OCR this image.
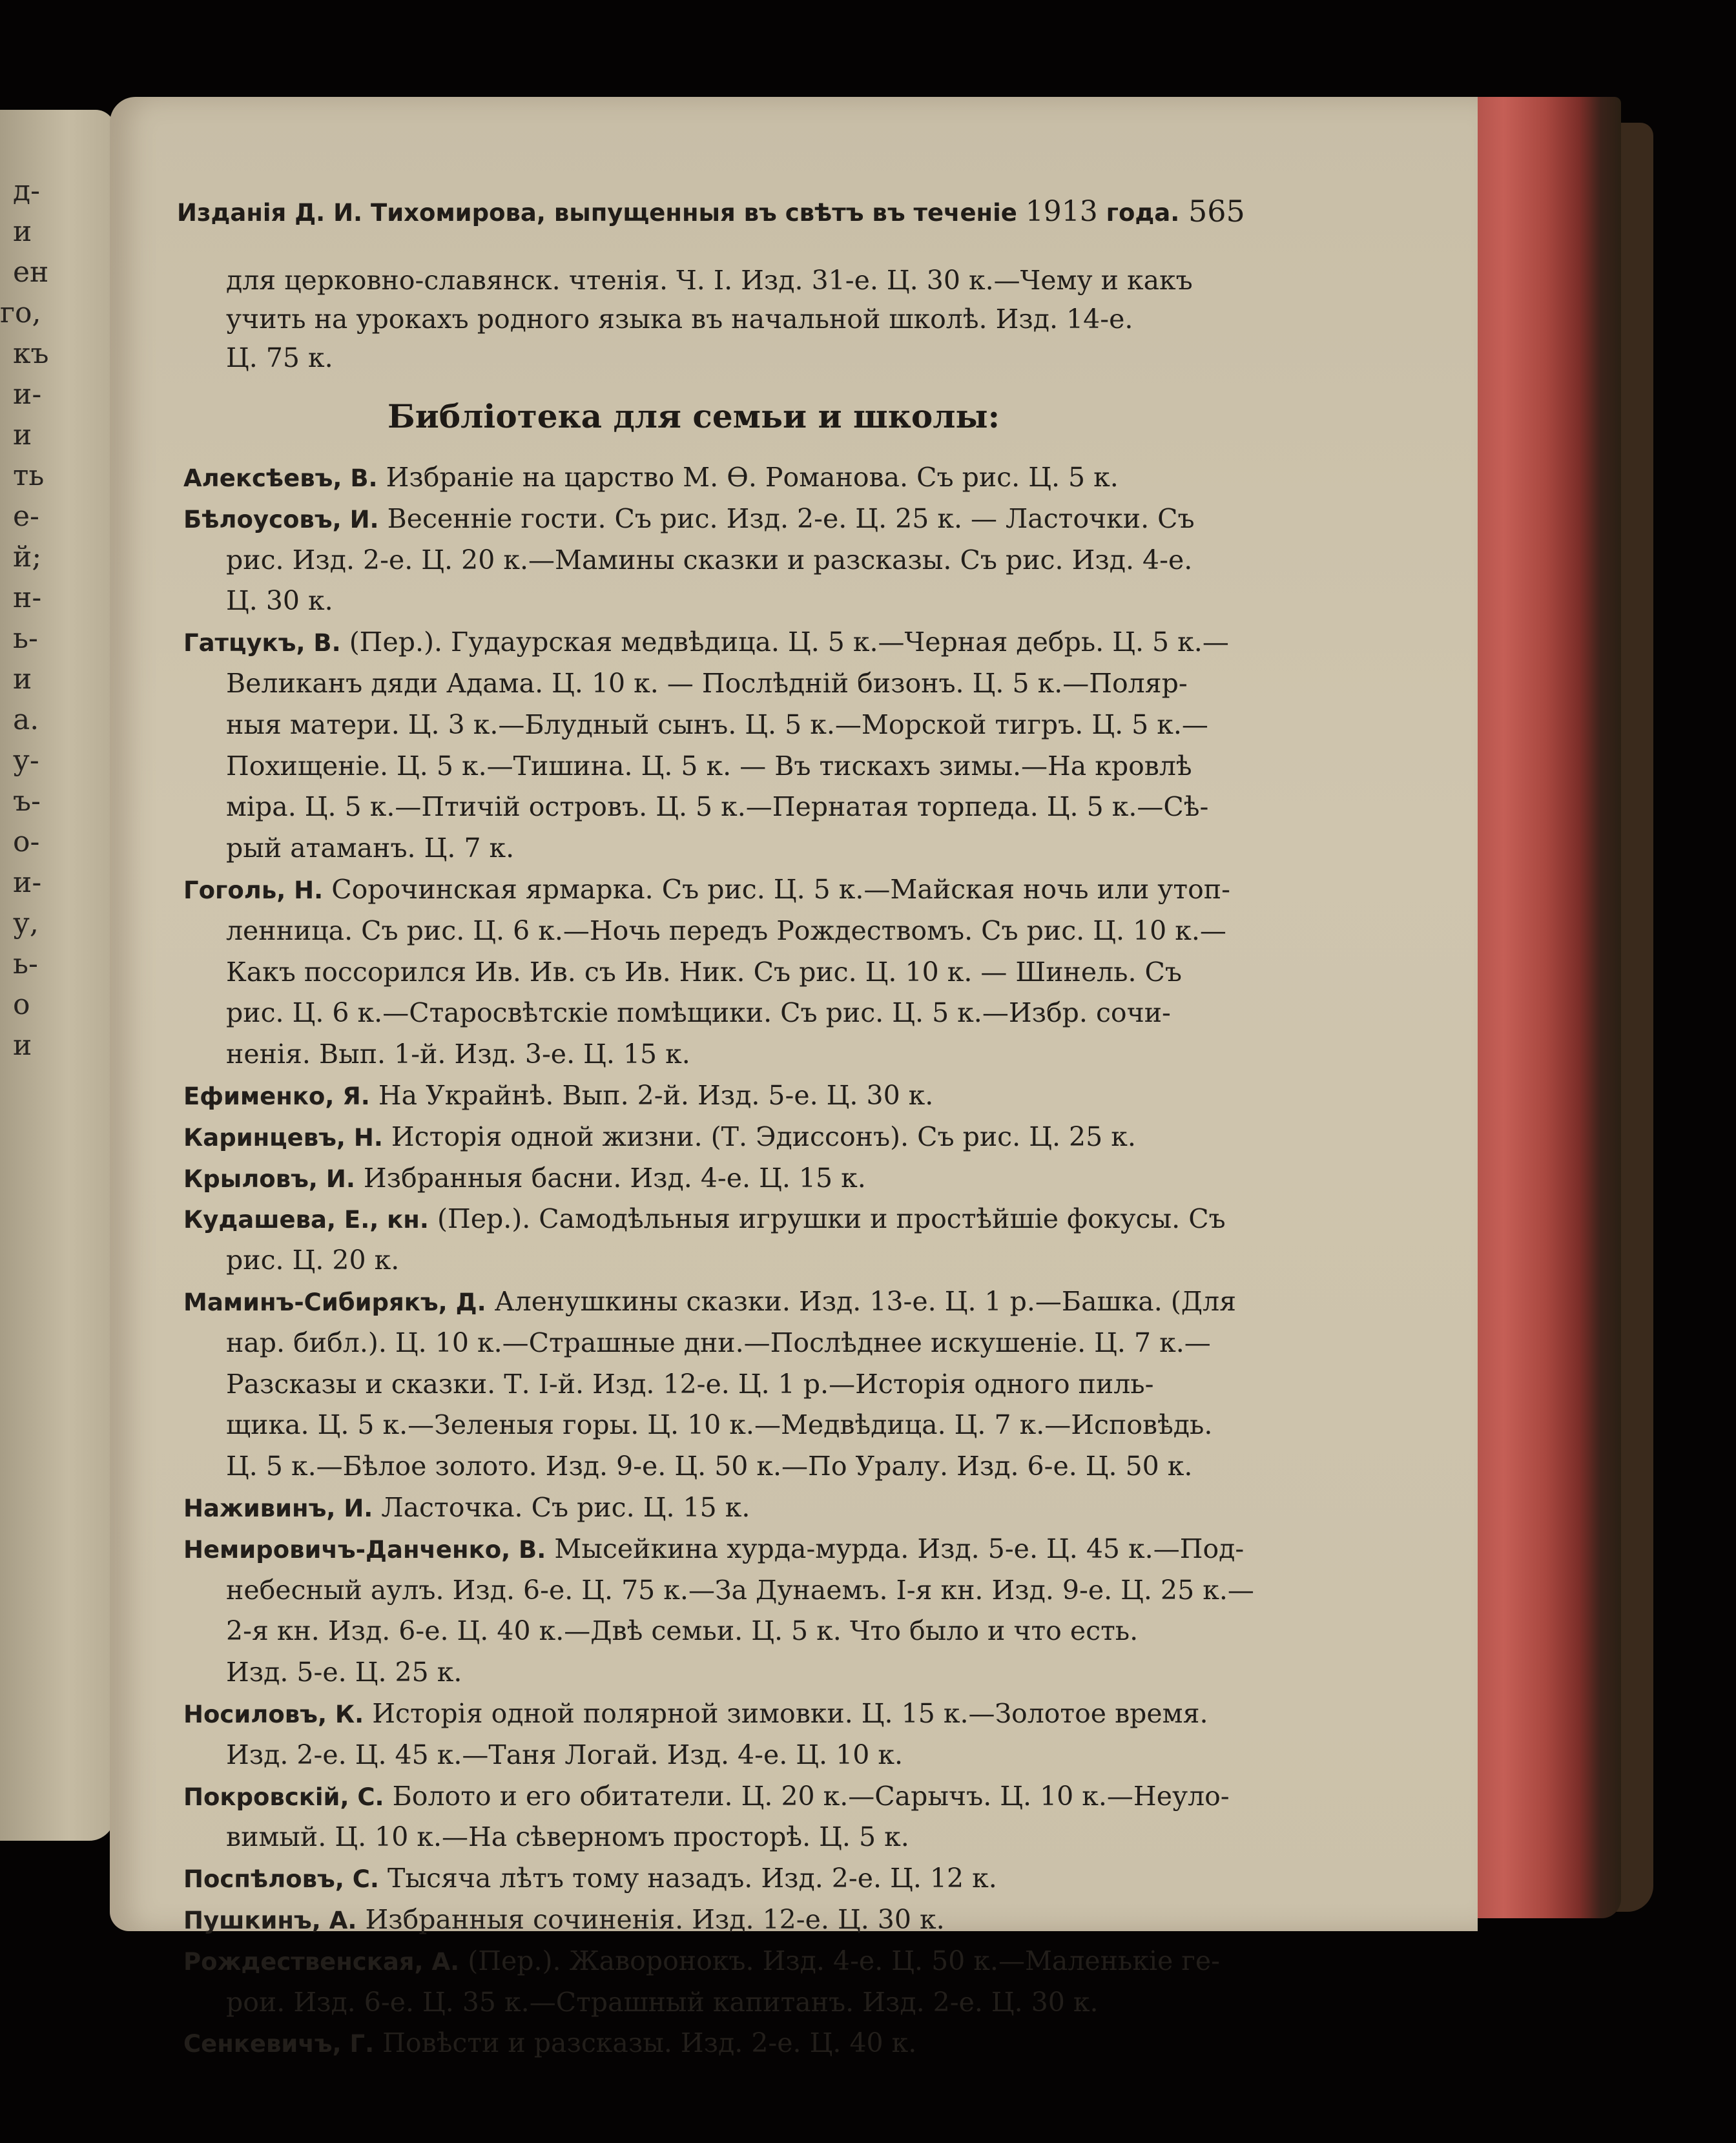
д-
и
ен
го,
къ
и-
и
ть
е-
й;
н-
ь-
и
а.
у-
ъ-
о-
и-
у,
ь-
о
и
Изданія Д. И. Тихомирова, выпущенныя въ свѣтъ въ теченіе 1913 года. 565
для церковно-славянск. чтенія. Ч. I. Изд. 31-е. Ц. 30 к.—Чему и какъ
учить на урокахъ родного языка въ начальной школѣ. Изд. 14-е.
Ц. 75 к.
Библіотека для семьи и школы:
Алексѣевъ, В. Избраніе на царство М. Ѳ. Романова. Съ рис. Ц. 5 к.
Бѣлоусовъ, И. Весенніе гости. Съ рис. Изд. 2-е. Ц. 25 к. — Ласточки. Съ
рис. Изд. 2-е. Ц. 20 к.—Мамины сказки и разсказы. Съ рис. Изд. 4-е.
Ц. 30 к.
Гатцукъ, В. (Пер.). Гудаурская медвѣдица. Ц. 5 к.—Черная дебрь. Ц. 5 к.—
Великанъ дяди Адама. Ц. 10 к. — Послѣдній бизонъ. Ц. 5 к.—Поляр-
ныя матери. Ц. 3 к.—Блудный сынъ. Ц. 5 к.—Морской тигръ. Ц. 5 к.—
Похищеніе. Ц. 5 к.—Тишина. Ц. 5 к. — Въ тискахъ зимы.—На кровлѣ
міра. Ц. 5 к.—Птичій островъ. Ц. 5 к.—Пернатая торпеда. Ц. 5 к.—Сѣ-
рый атаманъ. Ц. 7 к.
Гоголь, Н. Сорочинская ярмарка. Съ рис. Ц. 5 к.—Майская ночь или утоп-
ленница. Съ рис. Ц. 6 к.—Ночь передъ Рождествомъ. Съ рис. Ц. 10 к.—
Какъ поссорился Ив. Ив. съ Ив. Ник. Съ рис. Ц. 10 к. — Шинель. Съ
рис. Ц. 6 к.—Старосвѣтскіе помѣщики. Съ рис. Ц. 5 к.—Избр. сочи-
ненія. Вып. 1-й. Изд. 3-е. Ц. 15 к.
Ефименко, Я. На Украйнѣ. Вып. 2-й. Изд. 5-е. Ц. 30 к.
Каринцевъ, Н. Исторія одной жизни. (Т. Эдиссонъ). Съ рис. Ц. 25 к.
Крыловъ, И. Избранныя басни. Изд. 4-е. Ц. 15 к.
Кудашева, Е., кн. (Пер.). Самодѣльныя игрушки и простѣйшіе фокусы. Съ
рис. Ц. 20 к.
Маминъ-Сибирякъ, Д. Аленушкины сказки. Изд. 13-е. Ц. 1 р.—Башка. (Для
нар. библ.). Ц. 10 к.—Страшные дни.—Послѣднее искушеніе. Ц. 7 к.—
Разсказы и сказки. Т. I-й. Изд. 12-е. Ц. 1 р.—Исторія одного пиль-
щика. Ц. 5 к.—Зеленыя горы. Ц. 10 к.—Медвѣдица. Ц. 7 к.—Исповѣдь.
Ц. 5 к.—Бѣлое золото. Изд. 9-е. Ц. 50 к.—По Уралу. Изд. 6-е. Ц. 50 к.
Наживинъ, И. Ласточка. Съ рис. Ц. 15 к.
Немировичъ-Данченко, В. Мысейкина хурда-мурда. Изд. 5-е. Ц. 45 к.—Под-
небесный аулъ. Изд. 6-е. Ц. 75 к.—За Дунаемъ. I-я кн. Изд. 9-е. Ц. 25 к.—
2-я кн. Изд. 6-е. Ц. 40 к.—Двѣ семьи. Ц. 5 к. Что было и что есть.
Изд. 5-е. Ц. 25 к.
Носиловъ, К. Исторія одной полярной зимовки. Ц. 15 к.—Золотое время.
Изд. 2-е. Ц. 45 к.—Таня Логай. Изд. 4-е. Ц. 10 к.
Покровскій, С. Болото и его обитатели. Ц. 20 к.—Сарычъ. Ц. 10 к.—Неуло-
вимый. Ц. 10 к.—На сѣверномъ просторѣ. Ц. 5 к.
Поспѣловъ, С. Тысяча лѣтъ тому назадъ. Изд. 2-е. Ц. 12 к.
Пушкинъ, А. Избранныя сочиненія. Изд. 12-е. Ц. 30 к.
Рождественская, А. (Пер.). Жаворонокъ. Изд. 4-е. Ц. 50 к.—Маленькіе ге-
рои. Изд. 6-е. Ц. 35 к.—Страшный капитанъ. Изд. 2-е. Ц. 30 к.
Сенкевичъ, Г. Повѣсти и разсказы. Изд. 2-е. Ц. 40 к.
